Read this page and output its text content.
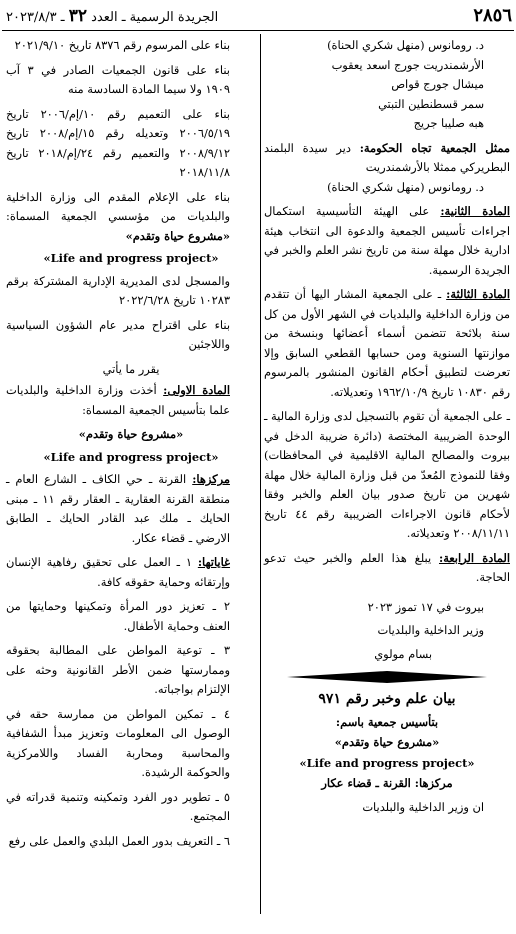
٢٨٥٦
الجريدة الرسمية ـ العدد ٣٢ ـ ٢٠٢٣/٨/٣

د. رومانوس (منهل شكري الحناة)

الأرشمندريت جورج اسعد يعقوب

ميشال جورج قواص

سمر قسطنطين التبتي

هبه صليبا جريج

ممثل الجمعية تجاه الحكومة: دير سيدة البلمند البطريركي ممثلا بالأرشمندريت

د. رومانوس (منهل شكري الحناة)

المادة الثانية: على الهيئة التأسيسية استكمال اجراءات تأسيس الجمعية والدعوة الى انتخاب هيئة ادارية خلال مهلة سنة من تاريخ نشر العلم والخبر في الجريدة الرسمية.

المادة الثالثة: ـ على الجمعية المشار اليها أن تتقدم من وزارة الداخلية والبلديات في الشهر الأول من كل سنة بلائحة تتضمن أسماء أعضائها وبنسخة من موازنتها السنوية ومن حسابها القطعي السابق وإلا تعرضت لتطبيق أحكام القانون المنشور بالمرسوم رقم ١٠٨٣٠ تاريخ ١٩٦٢/١٠/٩ وتعديلاته.

ـ على الجمعية أن تقوم بالتسجيل لدى وزارة المالية ـ الوحدة الضريبية المختصة (دائرة ضريبة الدخل في بيروت والمصالح المالية الاقليمية في المحافظات) وفقا للنموذج المُعدّ من قبل وزارة المالية خلال مهلة شهرين من تاريخ صدور بيان العلم والخبر وفقا لأحكام قانون الاجراءات الضريبية رقم ٤٤ تاريخ ٢٠٠٨/١١/١١ وتعديلاته.

المادة الرابعة: يبلغ هذا العلم والخبر حيث تدعو الحاجة.

بيروت في ١٧ تموز ٢٠٢٣

وزير الداخلية والبلديات

بسام مولوي

بيان علم وخبر رقم ٩٧١

بتأسيس جمعية باسم:

«مشروع حياة وتقدم»

«Life and progress project»

مركزها: القرنة ـ قضاء عكار

ان وزير الداخلية والبلديات

بناء على المرسوم رقم ٨٣٧٦ تاريخ ٢٠٢١/٩/١٠

بناء على قانون الجمعيات الصادر في ٣ آب ١٩٠٩ ولا سيما المادة السادسة منه

بناء على التعميم رقم ١٠/إم/٢٠٠٦ تاريخ ٢٠٠٦/٥/١٩ وتعديله رقم ١٥/إم/٢٠٠٨ تاريخ ٢٠٠٨/٩/١٢ والتعميم رقم ٢٤/إم/٢٠١٨ تاريخ ٢٠١٨/١١/٨

بناء على الإعلام المقدم الى وزارة الداخلية والبلديات من مؤسسي الجمعية المسماة: «مشروع حياة وتقدم»

«Life and progress project»

والمسجل لدى المديرية الإدارية المشتركة برقم ١٠٢٨٣ تاريخ ٢٠٢٢/٦/٢٨

بناء على اقتراح مدير عام الشؤون السياسية واللاجئين

يقرر ما يأتي

المادة الاولى: أخذت وزارة الداخلية والبلديات علما بتأسيس الجمعية المسماة:

«مشروع حياة وتقدم»

«Life and progress project»

مركزها: القرنة ـ حي الكاف ـ الشارع العام ـ منطقة القرنة العقارية ـ العقار رقم ١١ ـ مبنى الحايك ـ ملك عبد القادر الحايك ـ الطابق الارضي ـ قضاء عكار.

غاياتها: ١ ـ العمل على تحقيق رفاهية الإنسان وإرتقائه وحماية حقوقه كافة.

٢ ـ تعزيز دور المرأة وتمكينها وحمايتها من العنف وحماية الأطفال.

٣ ـ توعية المواطن على المطالبة بحقوقه وممارستها ضمن الأطر القانونية وحثه على الإلتزام بواجباته.

٤ ـ تمكين المواطن من ممارسة حقه في الوصول الى المعلومات وتعزيز مبدأ الشفافية والمحاسبة ومحاربة الفساد واللامركزية والحوكمة الرشيدة.

٥ ـ تطوير دور الفرد وتمكينه وتنمية قدراته في المجتمع.

٦ ـ التعريف بدور العمل البلدي والعمل على رفع
